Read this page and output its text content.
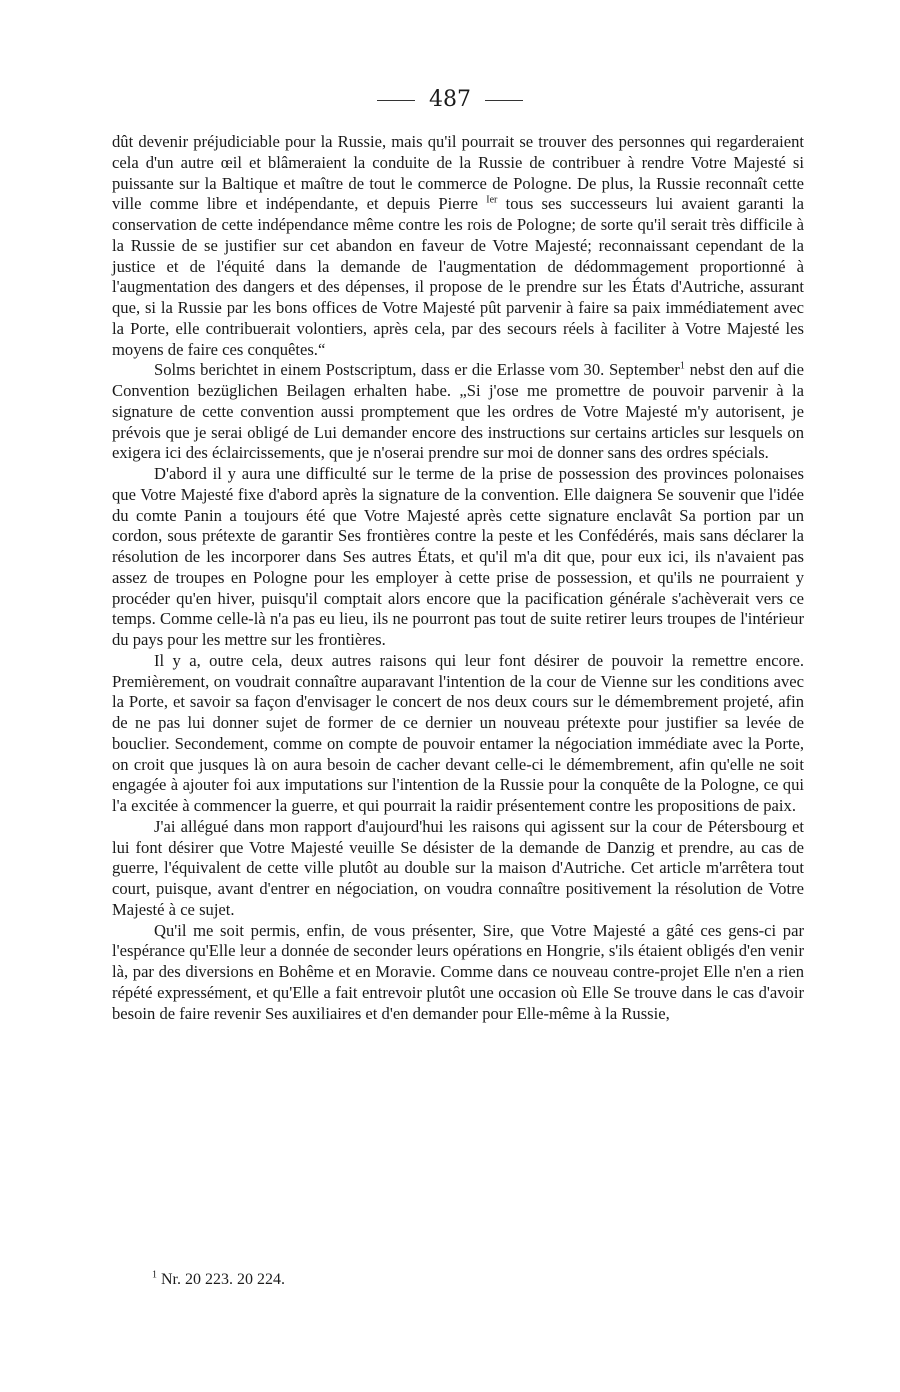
487

dût devenir préjudiciable pour la Russie, mais qu'il pourrait se trouver des personnes qui regarderaient cela d'un autre œil et blâmeraient la conduite de la Russie de contribuer à rendre Votre Majesté si puissante sur la Baltique et maître de tout le commerce de Pologne. De plus, la Russie reconnaît cette ville comme libre et indépendante, et depuis Pierre $^{Ier}$ tous ses successeurs lui avaient garanti la conservation de cette indépendance même contre les rois de Pologne; de sorte qu'il serait très difficile à la Russie de se justifier sur cet abandon en faveur de Votre Majesté; reconnaissant cependant de la justice et de l'équité dans la demande de l'augmentation de dédommagement proportionné à l'augmentation des dangers et des dépenses, il propose de le prendre sur les États d'Autriche, assurant que, si la Russie par les bons offices de Votre Majesté pût parvenir à faire sa paix immédiatement avec la Porte, elle contribuerait volontiers, après cela, par des secours réels à faciliter à Votre Majesté les moyens de faire ces conquêtes.“

Solms berichtet in einem Postscriptum, dass er die Erlasse vom 30. September$^1$ nebst den auf die Convention bezüglichen Beilagen erhalten habe. „Si j'ose me promettre de pouvoir parvenir à la signature de cette convention aussi promptement que les ordres de Votre Majesté m'y autorisent, je prévois que je serai obligé de Lui demander encore des instructions sur certains articles sur lesquels on exigera ici des éclaircissements, que je n'oserai prendre sur moi de donner sans des ordres spécials.

D'abord il y aura une difficulté sur le terme de la prise de possession des provinces polonaises que Votre Majesté fixe d'abord après la signature de la convention. Elle daignera Se souvenir que l'idée du comte Panin a toujours été que Votre Majesté après cette signature enclavât Sa portion par un cordon, sous prétexte de garantir Ses frontières contre la peste et les Confédérés, mais sans déclarer la résolution de les incorporer dans Ses autres États, et qu'il m'a dit que, pour eux ici, ils n'avaient pas assez de troupes en Pologne pour les employer à cette prise de possession, et qu'ils ne pourraient y procéder qu'en hiver, puisqu'il comptait alors encore que la pacification générale s'achèverait vers ce temps. Comme celle-là n'a pas eu lieu, ils ne pourront pas tout de suite retirer leurs troupes de l'intérieur du pays pour les mettre sur les frontières.

Il y a, outre cela, deux autres raisons qui leur font désirer de pouvoir la remettre encore. Premièrement, on voudrait connaître auparavant l'intention de la cour de Vienne sur les conditions avec la Porte, et savoir sa façon d'envisager le concert de nos deux cours sur le démembrement projeté, afin de ne pas lui donner sujet de former de ce dernier un nouveau prétexte pour justifier sa levée de bouclier. Secondement, comme on compte de pouvoir entamer la négociation immédiate avec la Porte, on croit que jusques là on aura besoin de cacher devant celle-ci le démembrement, afin qu'elle ne soit engagée à ajouter foi aux imputations sur l'intention de la Russie pour la conquête de la Pologne, ce qui l'a excitée à commencer la guerre, et qui pourrait la raidir présentement contre les propositions de paix.

J'ai allégué dans mon rapport d'aujourd'hui les raisons qui agissent sur la cour de Pétersbourg et lui font désirer que Votre Majesté veuille Se désister de la demande de Danzig et prendre, au cas de guerre, l'équivalent de cette ville plutôt au double sur la maison d'Autriche. Cet article m'arrêtera tout court, puisque, avant d'entrer en négociation, on voudra connaître positivement la résolution de Votre Majesté à ce sujet.

Qu'il me soit permis, enfin, de vous présenter, Sire, que Votre Majesté a gâté ces gens-ci par l'espérance qu'Elle leur a donnée de seconder leurs opérations en Hongrie, s'ils étaient obligés d'en venir là, par des diversions en Bohême et en Moravie. Comme dans ce nouveau contre-projet Elle n'en a rien répété expressément, et qu'Elle a fait entrevoir plutôt une occasion où Elle Se trouve dans le cas d'avoir besoin de faire revenir Ses auxiliaires et d'en demander pour Elle-même à la Russie,

$^1$ Nr. 20 223. 20 224.
